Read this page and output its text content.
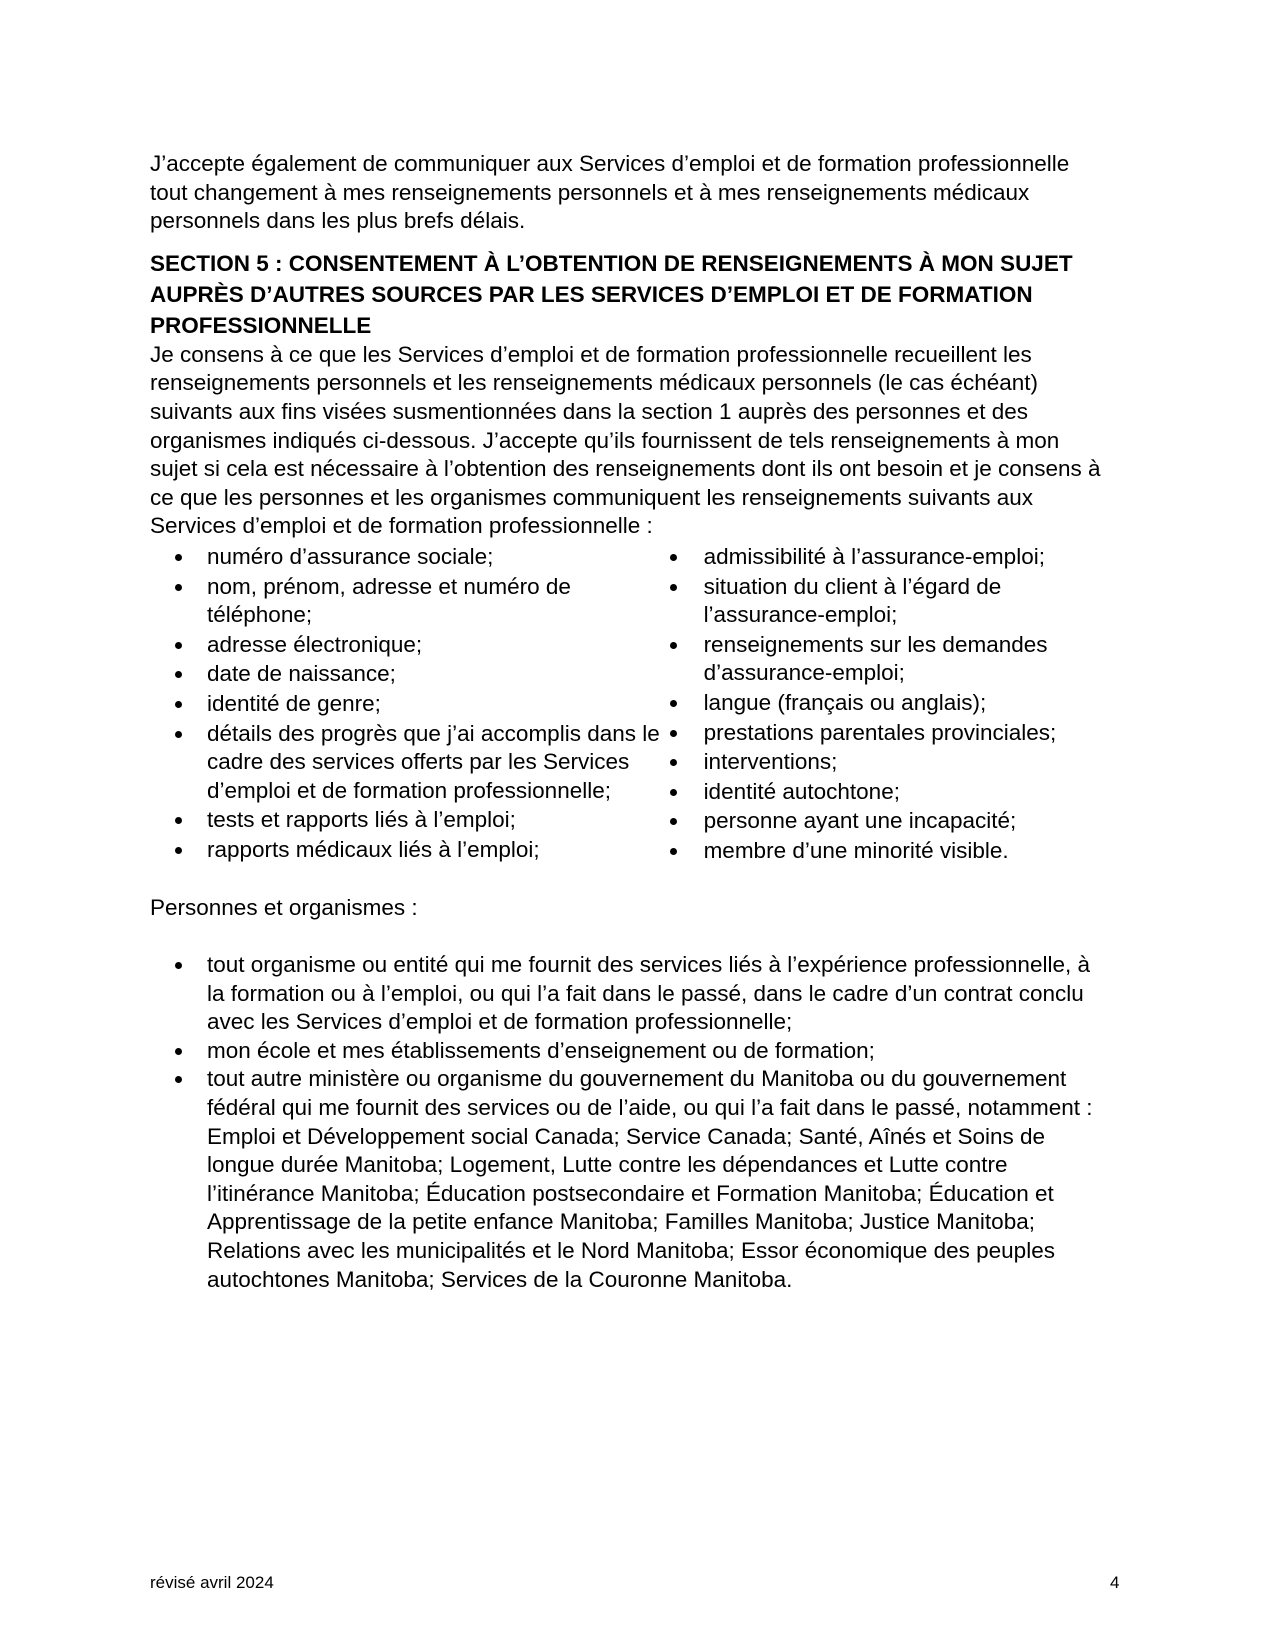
J’accepte également de communiquer aux Services d’emploi et de formation professionnelle tout changement à mes renseignements personnels et à mes renseignements médicaux personnels dans les plus brefs délais.

SECTION 5 : CONSENTEMENT À L’OBTENTION DE RENSEIGNEMENTS À MON SUJET AUPRÈS D’AUTRES SOURCES PAR LES SERVICES D’EMPLOI ET DE FORMATION PROFESSIONNELLE

Je consens à ce que les Services d’emploi et de formation professionnelle recueillent les renseignements personnels et les renseignements médicaux personnels (le cas échéant) suivants aux fins visées susmentionnées dans la section 1 auprès des personnes et des organismes indiqués ci-dessous. J’accepte qu’ils fournissent de tels renseignements à mon sujet si cela est nécessaire à l’obtention des renseignements dont ils ont besoin et je consens à ce que les personnes et les organismes communiquent les renseignements suivants aux Services d’emploi et de formation professionnelle :

numéro d’assurance sociale;
nom, prénom, adresse et numéro de téléphone;
adresse électronique;
date de naissance;
identité de genre;
détails des progrès que j’ai accomplis dans le cadre des services offerts par les Services d’emploi et de formation professionnelle;
tests et rapports liés à l’emploi;
rapports médicaux liés à l’emploi;
admissibilité à l’assurance-emploi;
situation du client à l’égard de l’assurance-emploi;
renseignements sur les demandes d’assurance-emploi;
langue (français ou anglais);
prestations parentales provinciales;
interventions;
identité autochtone;
personne ayant une incapacité;
membre d’une minorité visible.

Personnes et organismes :

tout organisme ou entité qui me fournit des services liés à l’expérience professionnelle, à la formation ou à l’emploi, ou qui l’a fait dans le passé, dans le cadre d’un contrat conclu avec les Services d’emploi et de formation professionnelle;
mon école et mes établissements d’enseignement ou de formation;
tout autre ministère ou organisme du gouvernement du Manitoba ou du gouvernement fédéral qui me fournit des services ou de l’aide, ou qui l’a fait dans le passé, notamment : Emploi et Développement social Canada; Service Canada; Santé, Aînés et Soins de longue durée Manitoba; Logement, Lutte contre les dépendances et Lutte contre l’itinérance Manitoba; Éducation postsecondaire et Formation Manitoba; Éducation et Apprentissage de la petite enfance Manitoba; Familles Manitoba; Justice Manitoba; Relations avec les municipalités et le Nord Manitoba; Essor économique des peuples autochtones Manitoba; Services de la Couronne Manitoba.
révisé avril 2024	4
